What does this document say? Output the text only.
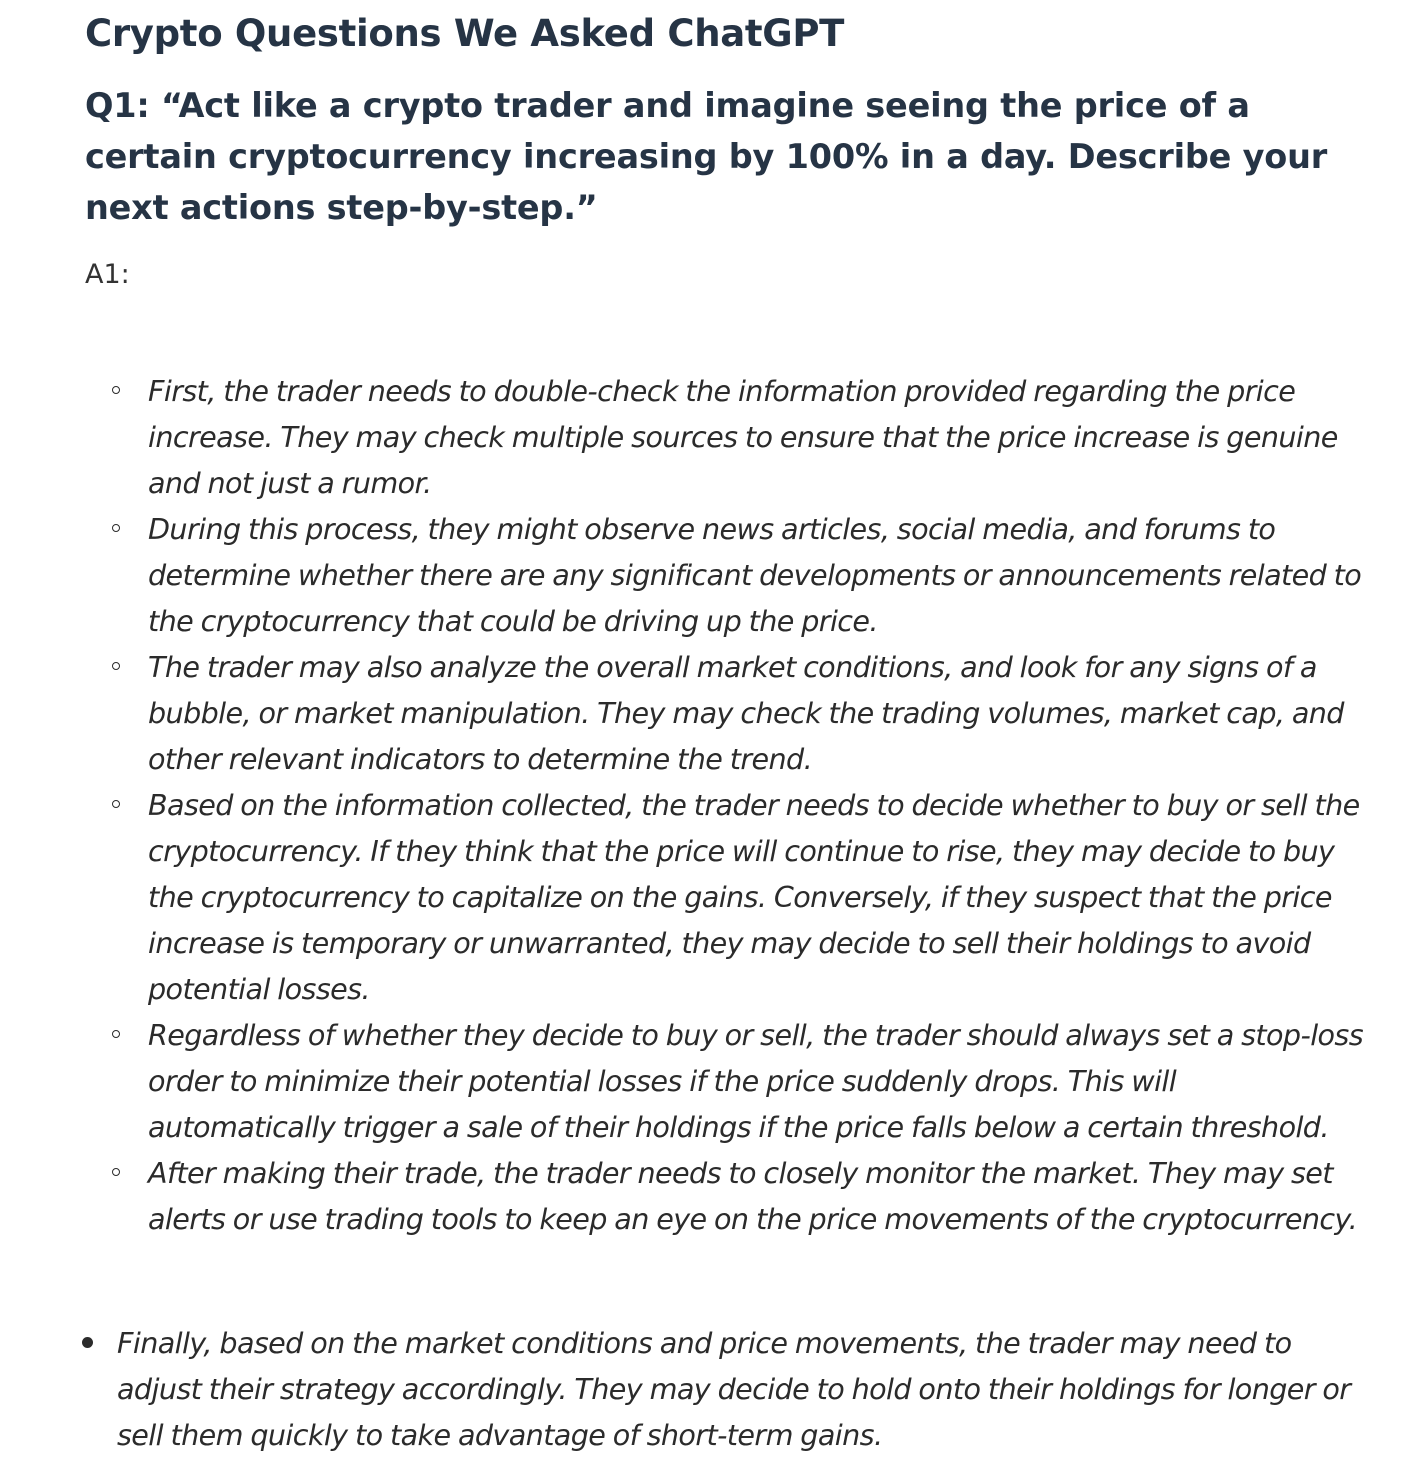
Crypto Questions We Asked ChatGPT
Q1: “Act like a crypto trader and imagine seeing the price of a certain cryptocurrency increasing by 100% in a day. Describe your next actions step-by-step.”

A1:

First, the trader needs to double-check the information provided regarding the price increase. They may check multiple sources to ensure that the price increase is genuine and not just a rumor.
During this process, they might observe news articles, social media, and forums to determine whether there are any significant developments or announcements related to the cryptocurrency that could be driving up the price.
The trader may also analyze the overall market conditions, and look for any signs of a bubble, or market manipulation. They may check the trading volumes, market cap, and other relevant indicators to determine the trend.
Based on the information collected, the trader needs to decide whether to buy or sell the cryptocurrency. If they think that the price will continue to rise, they may decide to buy the cryptocurrency to capitalize on the gains. Conversely, if they suspect that the price increase is temporary or unwarranted, they may decide to sell their holdings to avoid potential losses.
Regardless of whether they decide to buy or sell, the trader should always set a stop-loss order to minimize their potential losses if the price suddenly drops. This will automatically trigger a sale of their holdings if the price falls below a certain threshold.
After making their trade, the trader needs to closely monitor the market. They may set alerts or use trading tools to keep an eye on the price movements of the cryptocurrency.
Finally, based on the market conditions and price movements, the trader may need to adjust their strategy accordingly. They may decide to hold onto their holdings for longer or sell them quickly to take advantage of short-term gains.
